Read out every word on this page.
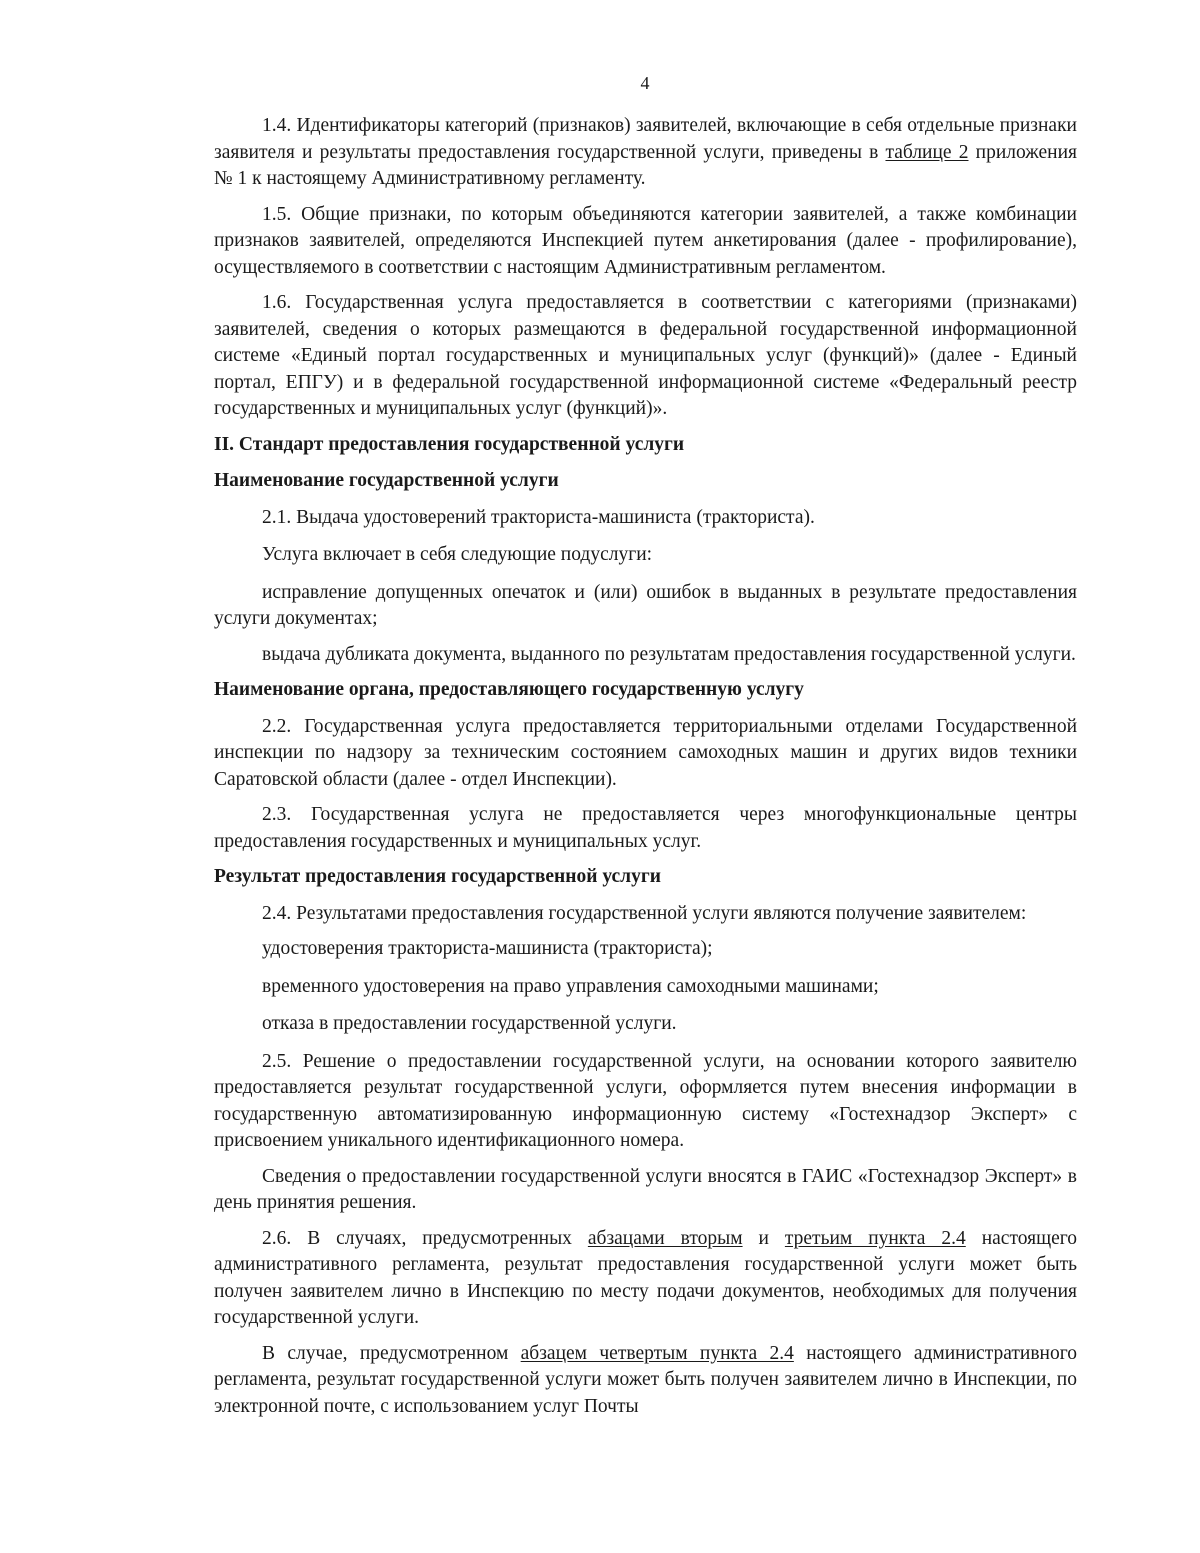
4

1.4. Идентификаторы категорий (признаков) заявителей, включающие в себя отдельные признаки заявителя и результаты предоставления государственной услуги, приведены в таблице 2 приложения № 1 к настоящему Административному регламенту.

1.5. Общие признаки, по которым объединяются категории заявителей, а также комбинации признаков заявителей, определяются Инспекцией путем анкетирования (далее - профилирование), осуществляемого в соответствии с настоящим Административным регламентом.

1.6. Государственная услуга предоставляется в соответствии с категориями (признаками) заявителей, сведения о которых размещаются в федеральной государственной информационной системе «Единый портал государственных и муниципальных услуг (функций)» (далее - Единый портал, ЕПГУ) и в федеральной государственной информационной системе «Федеральный реестр государственных и муниципальных услуг (функций)».

II. Стандарт предоставления государственной услуги

Наименование государственной услуги

2.1. Выдача удостоверений тракториста-машиниста (тракториста).

Услуга включает в себя следующие подуслуги:

исправление допущенных опечаток и (или) ошибок в выданных в результате предоставления услуги документах;

выдача дубликата документа, выданного по результатам предоставления государственной услуги.

Наименование органа, предоставляющего государственную услугу

2.2. Государственная услуга предоставляется территориальными отделами Государственной инспекции по надзору за техническим состоянием самоходных машин и других видов техники Саратовской области (далее - отдел Инспекции).

2.3. Государственная услуга не предоставляется через многофункциональные центры предоставления государственных и муниципальных услуг.

Результат предоставления государственной услуги

2.4. Результатами предоставления государственной услуги являются получение заявителем:

удостоверения тракториста-машиниста (тракториста);

временного удостоверения на право управления самоходными машинами;

отказа в предоставлении государственной услуги.

2.5. Решение о предоставлении государственной услуги, на основании которого заявителю предоставляется результат государственной услуги, оформляется путем внесения информации в государственную автоматизированную информационную систему «Гостехнадзор Эксперт» с присвоением уникального идентификационного номера.

Сведения о предоставлении государственной услуги вносятся в ГАИС «Гостехнадзор Эксперт» в день принятия решения.

2.6. В случаях, предусмотренных абзацами вторым и третьим пункта 2.4 настоящего административного регламента, результат предоставления государственной услуги может быть получен заявителем лично в Инспекцию по месту подачи документов, необходимых для получения государственной услуги.

В случае, предусмотренном абзацем четвертым пункта 2.4 настоящего административного регламента, результат государственной услуги может быть получен заявителем лично в Инспекции, по электронной почте, с использованием услуг Почты
